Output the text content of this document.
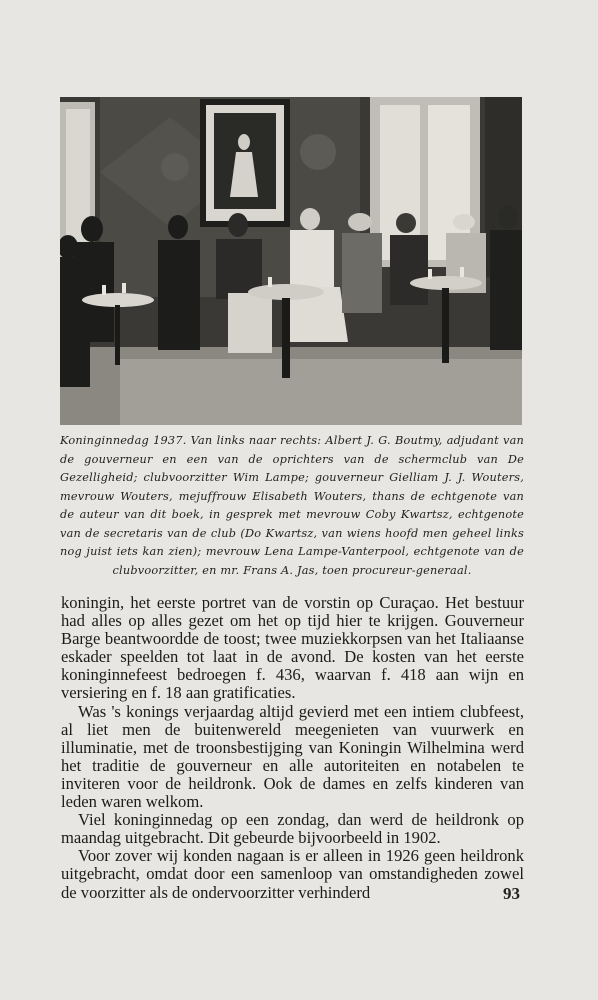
Koninginnedag 1937. Van links naar rechts: Albert J. G. Boutmy, adjudant van de gouverneur en een van de oprichters van de schermclub van De Gezelligheid; clubvoorzitter Wim Lampe; gouverneur Gielliam J. J. Wouters, mevrouw Wouters, mejuffrouw Elisabeth Wouters, thans de echtgenote van de auteur van dit boek, in gesprek met mevrouw Coby Kwartsz, echtgenote van de secretaris van de club (Do Kwartsz, van wiens hoofd men geheel links nog juist iets kan zien); mevrouw Lena Lampe-Vanterpool, echtgenote van de clubvoorzitter, en mr. Frans A. Jas, toen procureur-generaal.

koningin, het eerste portret van de vorstin op Curaçao. Het bestuur had alles op alles gezet om het op tijd hier te krijgen. Gouverneur Barge beantwoordde de toost; twee muziekkorpsen van het Italiaanse eskader speelden tot laat in de avond. De kosten van het eerste koninginnefeest bedroegen f. 436, waarvan f. 418 aan wijn en versiering en f. 18 aan gratificaties.

Was 's konings verjaardag altijd gevierd met een intiem clubfeest, al liet men de buitenwereld meegenieten van vuurwerk en illuminatie, met de troonsbestijging van Koningin Wilhelmina werd het traditie de gouverneur en alle autoriteiten en notabelen te inviteren voor de heildronk. Ook de dames en zelfs kinderen van leden waren welkom.

Viel koninginnedag op een zondag, dan werd de heildronk op maandag uitgebracht. Dit gebeurde bijvoorbeeld in 1902.

Voor zover wij konden nagaan is er alleen in 1926 geen heildronk uitgebracht, omdat door een samenloop van omstandigheden zowel de voorzitter als de ondervoorzitter verhinderd	93
